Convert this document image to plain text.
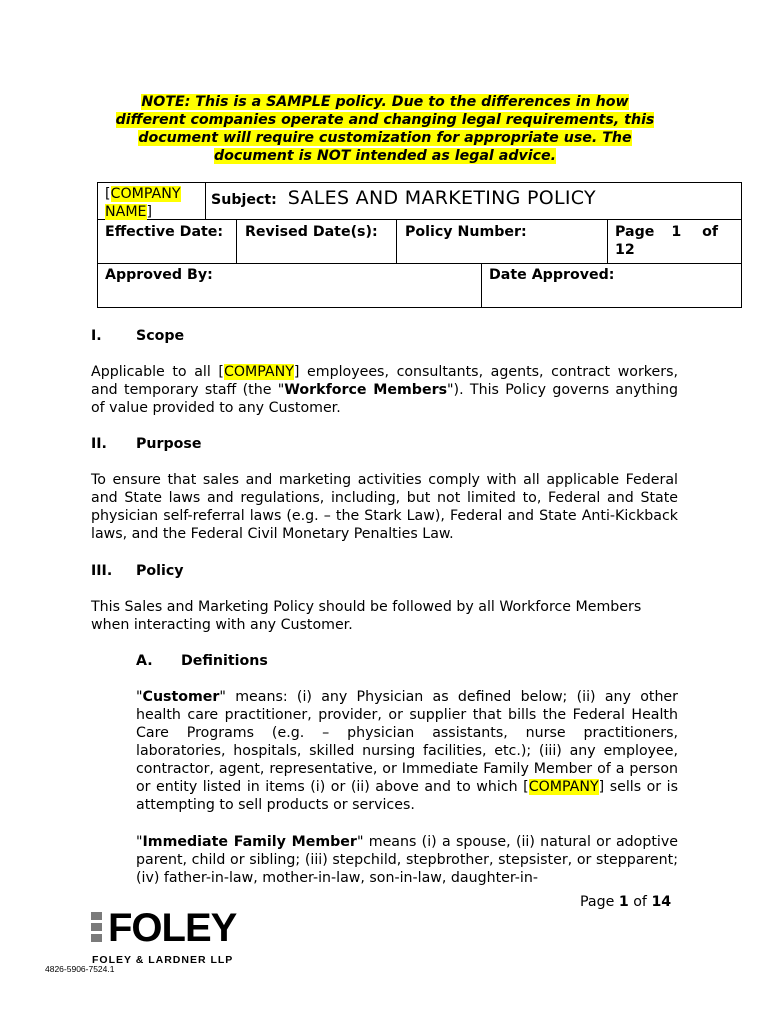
NOTE: This is a SAMPLE policy. Due to the differences in how
different companies operate and changing legal requirements, this
document will require customization for appropriate use. The
document is NOT intended as legal advice.
[COMPANY
NAME]
Subject: SALES AND MARKETING POLICY
Effective Date: Revised Date(s): Policy Number:	Page 1 of
12
Approved By:	Date Approved:
I. Scope
Applicable to all [COMPANY] employees, consultants, agents, contract workers, and temporary staff (the "Workforce Members"). This Policy governs anything of value provided to any Customer.
II. Purpose
To ensure that sales and marketing activities comply with all applicable Federal and State laws and regulations, including, but not limited to, Federal and State physician self-referral laws (e.g. – the Stark Law), Federal and State Anti-Kickback laws, and the Federal Civil Monetary Penalties Law.
III. Policy
This Sales and Marketing Policy should be followed by all Workforce Members when interacting with any Customer.
A. Definitions
"Customer" means: (i) any Physician as defined below; (ii) any other health care practitioner, provider, or supplier that bills the Federal Health Care Programs (e.g. – physician assistants, nurse practitioners, laboratories, hospitals, skilled nursing facilities, etc.); (iii) any employee, contractor, agent, representative, or Immediate Family Member of a person or entity listed in items (i) or (ii) above and to which [COMPANY] sells or is attempting to sell products or services.
"Immediate Family Member" means (i) a spouse, (ii) natural or adoptive parent, child or sibling; (iii) stepchild, stepbrother, stepsister, or stepparent; (iv) father-in-law, mother-in-law, son-in-law, daughter-in-
Page 1 of 14
FOLEY
FOLEY & LARDNER LLP
4826-5906-7524.1
